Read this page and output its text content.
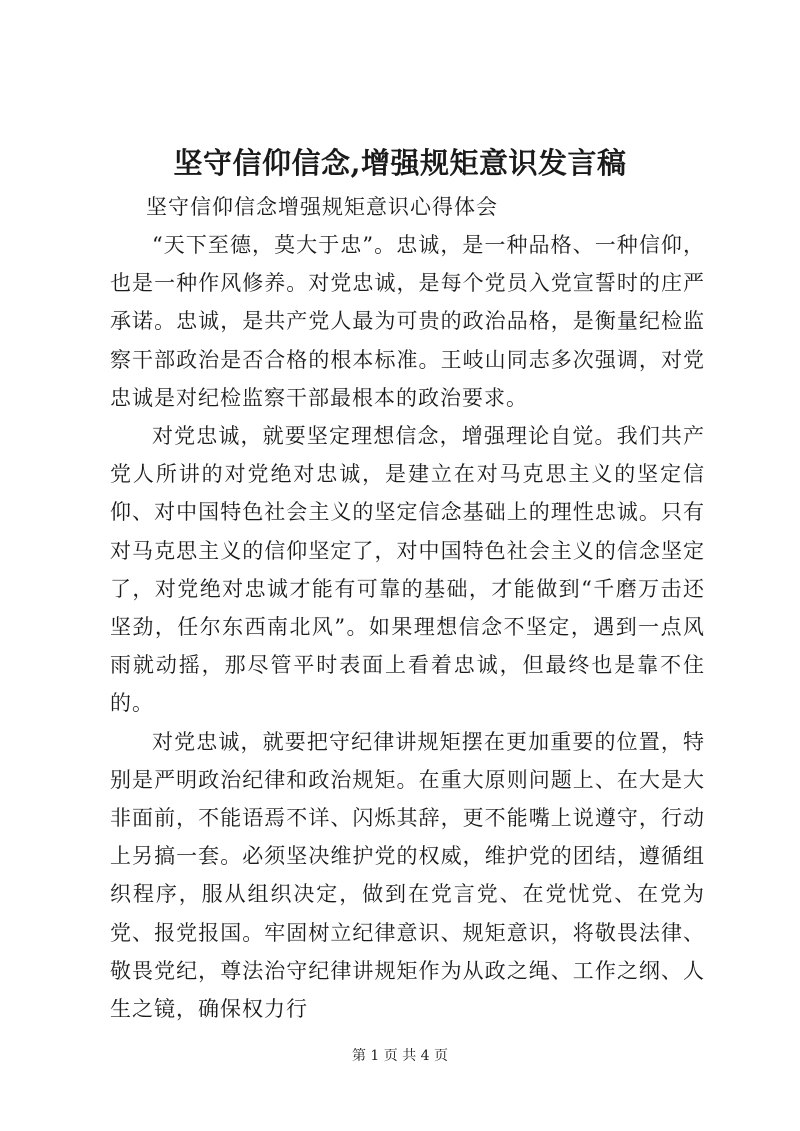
坚守信仰信念,增强规矩意识发言稿

坚守信仰信念增强规矩意识心得体会

“天下至德，莫大于忠”。忠诚，是一种品格、一种信仰，也是一种作风修养。对党忠诚，是每个党员入党宣誓时的庄严承诺。忠诚，是共产党人最为可贵的政治品格，是衡量纪检监察干部政治是否合格的根本标准。王岐山同志多次强调，对党忠诚是对纪检监察干部最根本的政治要求。

对党忠诚，就要坚定理想信念，增强理论自觉。我们共产党人所讲的对党绝对忠诚，是建立在对马克思主义的坚定信仰、对中国特色社会主义的坚定信念基础上的理性忠诚。只有对马克思主义的信仰坚定了，对中国特色社会主义的信念坚定了，对党绝对忠诚才能有可靠的基础，才能做到“千磨万击还坚劲，任尔东西南北风”。如果理想信念不坚定，遇到一点风雨就动摇，那尽管平时表面上看着忠诚，但最终也是靠不住的。

对党忠诚，就要把守纪律讲规矩摆在更加重要的位置，特别是严明政治纪律和政治规矩。在重大原则问题上、在大是大非面前，不能语焉不详、闪烁其辞，更不能嘴上说遵守，行动上另搞一套。必须坚决维护党的权威，维护党的团结，遵循组织程序，服从组织决定，做到在党言党、在党忧党、在党为党、报党报国。牢固树立纪律意识、规矩意识，将敬畏法律、敬畏党纪，尊法治守纪律讲规矩作为从政之绳、工作之纲、人生之镜，确保权力行

第 1 页 共 4 页
